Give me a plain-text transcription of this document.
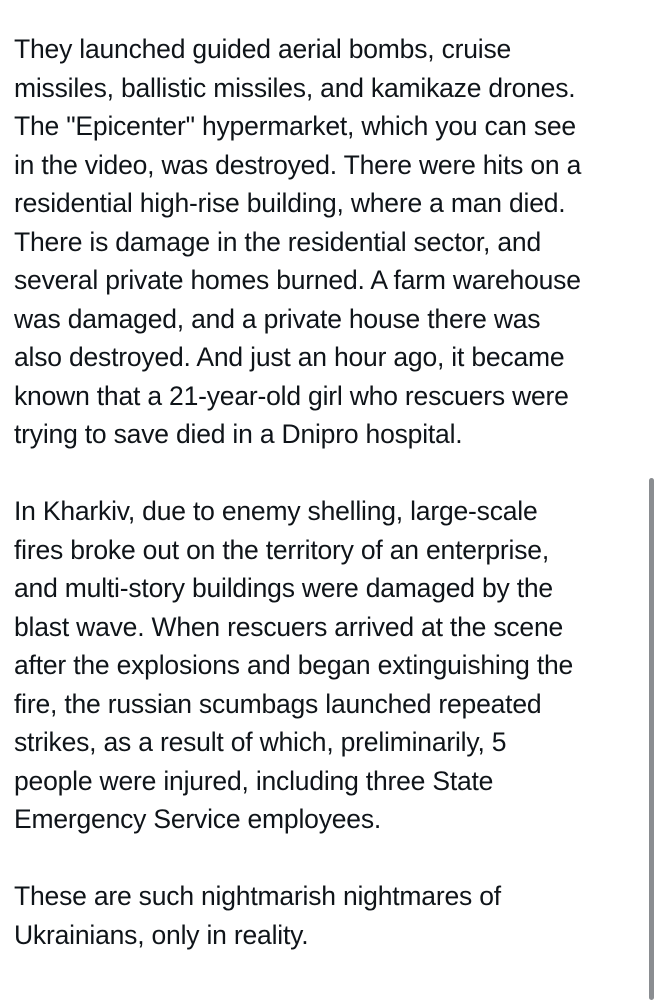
They launched guided aerial bombs, cruise
missiles, ballistic missiles, and kamikaze drones.
The "Epicenter" hypermarket, which you can see
in the video, was destroyed. There were hits on a
residential high-rise building, where a man died.
There is damage in the residential sector, and
several private homes burned. A farm warehouse
was damaged, and a private house there was
also destroyed. And just an hour ago, it became
known that a 21-year-old girl who rescuers were
trying to save died in a Dnipro hospital.

In Kharkiv, due to enemy shelling, large-scale
fires broke out on the territory of an enterprise,
and multi-story buildings were damaged by the
blast wave. When rescuers arrived at the scene
after the explosions and began extinguishing the
fire, the russian scumbags launched repeated
strikes, as a result of which, preliminarily, 5
people were injured, including three State
Emergency Service employees.

These are such nightmarish nightmares of
Ukrainians, only in reality.
